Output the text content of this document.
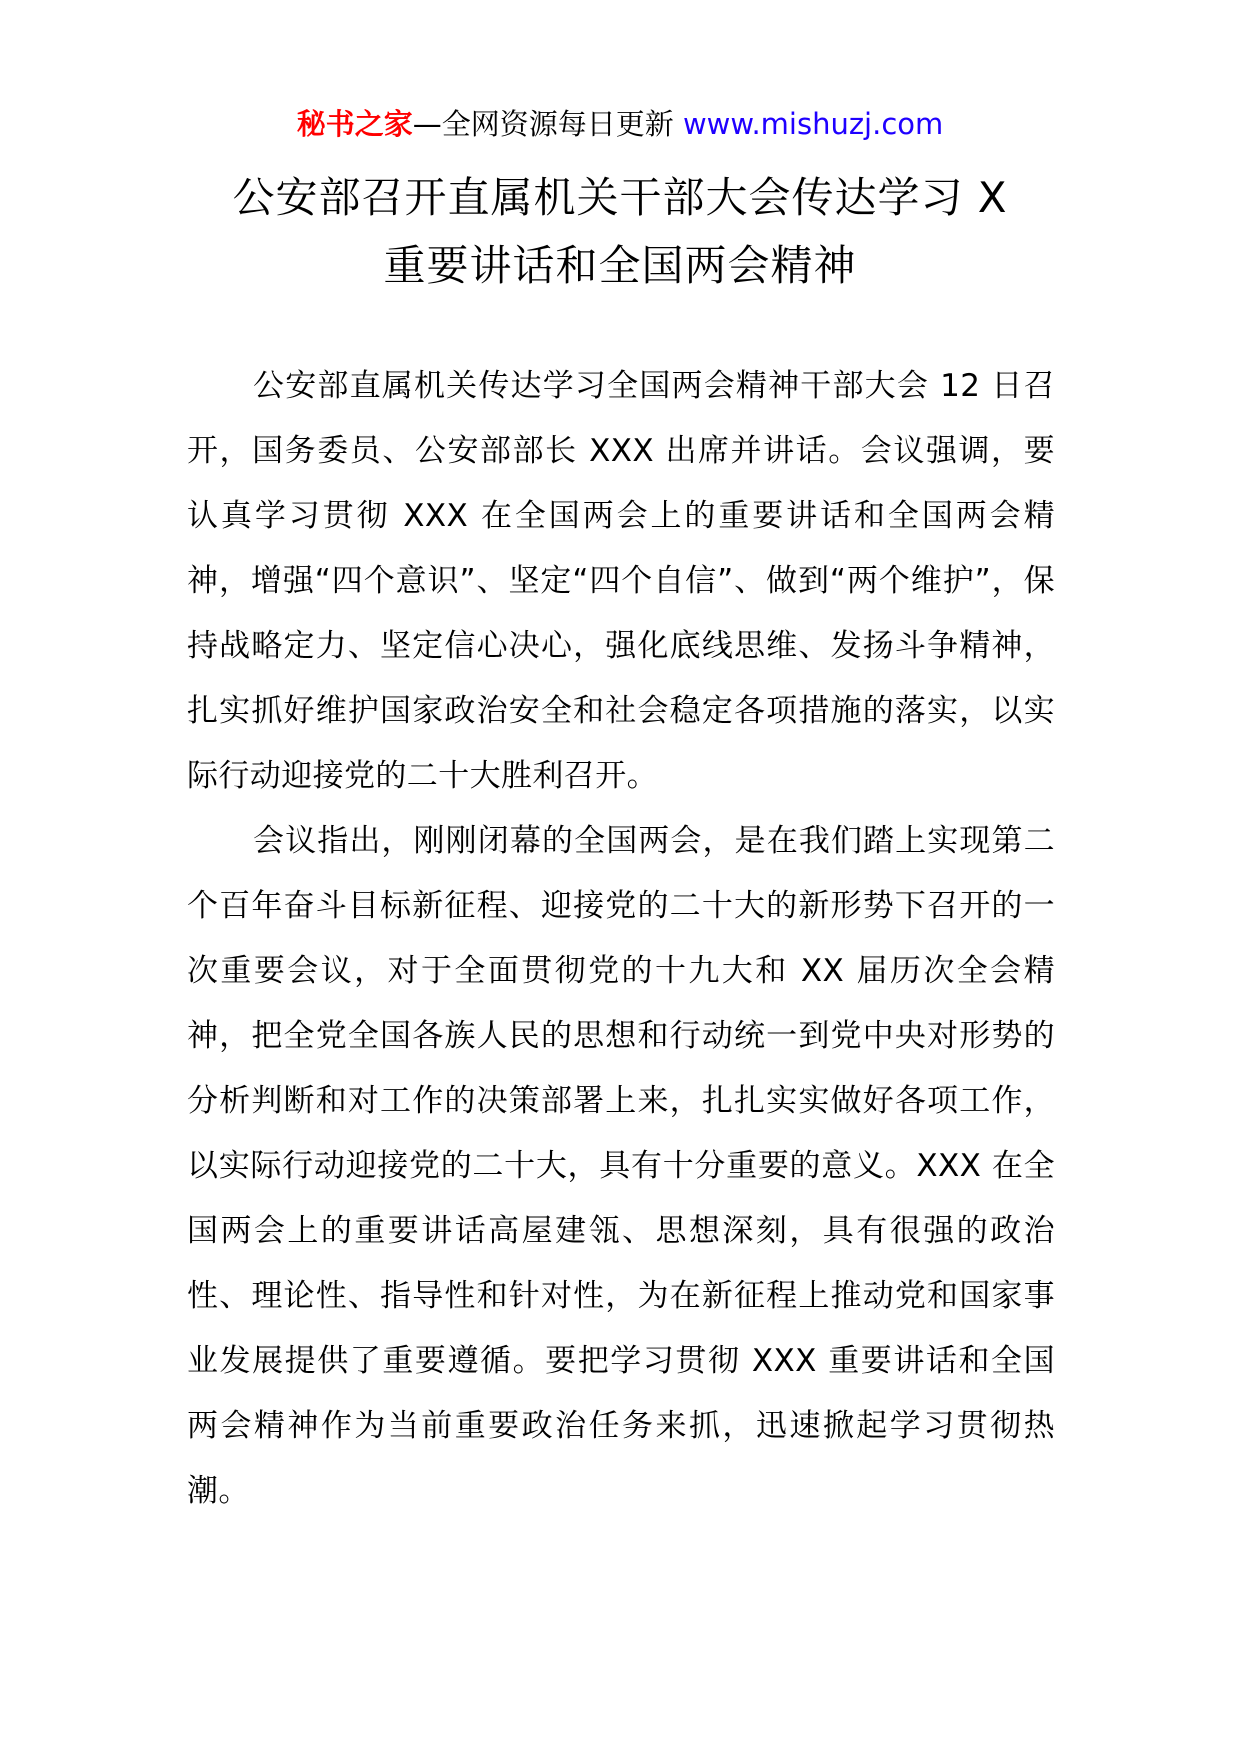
秘书之家—全网资源每日更新 www.mishuzj.com
公安部召开直属机关干部大会传达学习 X
重要讲话和全国两会精神

公安部直属机关传达学习全国两会精神干部大会 12 日召开，国务委员、公安部部长 XXX 出席并讲话。会议强调，要认真学习贯彻 XXX 在全国两会上的重要讲话和全国两会精神，增强“四个意识”、坚定“四个自信”、做到“两个维护”，保持战略定力、坚定信心决心，强化底线思维、发扬斗争精神，扎实抓好维护国家政治安全和社会稳定各项措施的落实，以实际行动迎接党的二十大胜利召开。

会议指出，刚刚闭幕的全国两会，是在我们踏上实现第二个百年奋斗目标新征程、迎接党的二十大的新形势下召开的一次重要会议，对于全面贯彻党的十九大和 XX 届历次全会精神，把全党全国各族人民的思想和行动统一到党中央对形势的分析判断和对工作的决策部署上来，扎扎实实做好各项工作，以实际行动迎接党的二十大，具有十分重要的意义。XXX 在全国两会上的重要讲话高屋建瓴、思想深刻，具有很强的政治性、理论性、指导性和针对性，为在新征程上推动党和国家事业发展提供了重要遵循。要把学习贯彻 XXX 重要讲话和全国两会精神作为当前重要政治任务来抓，迅速掀起学习贯彻热潮。
